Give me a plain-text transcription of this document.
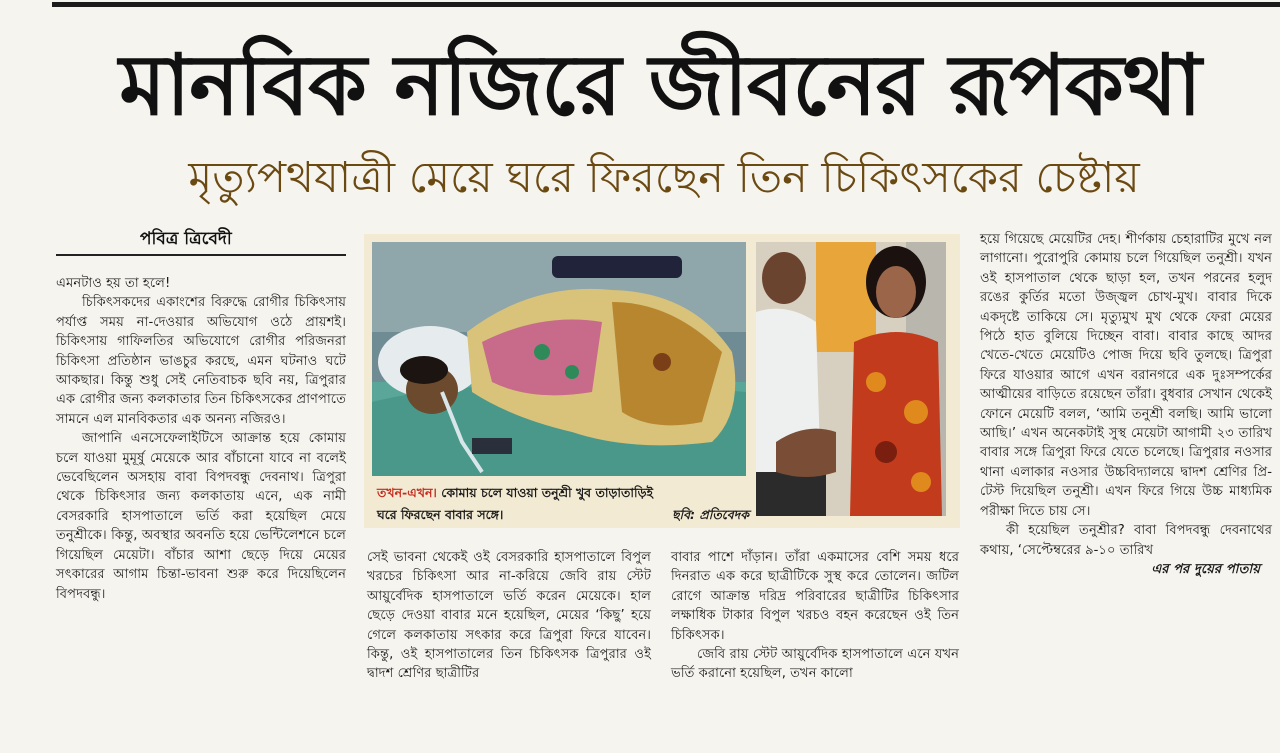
মানবিক নজিরে জীবনের রূপকথা
মৃত্যুপথযাত্রী মেয়ে ঘরে ফিরছেন তিন চিকিৎসকের চেষ্টায়
পবিত্র ত্রিবেদী

এমনটাও হয় তা হলে!

চিকিৎসকদের একাংশের বিরুদ্ধে রোগীর চিকিৎসায় পর্যাপ্ত সময় না-দেওয়ার অভিযোগ ওঠে প্রায়শই। চিকিৎসায় গাফিলতির অভিযোগে রোগীর পরিজনরা চিকিৎসা প্রতিষ্ঠান ভাঙচুর করছে, এমন ঘটনাও ঘটে আকছার। কিন্তু শুধু সেই নেতিবাচক ছবি নয়, ত্রিপুরার এক রোগীর জন্য কলকাতার তিন চিকিৎসকের প্রাণপাতে সামনে এল মানবিকতার এক অনন্য নজিরও।

জাপানি এনসেফেলাইটিসে আক্রান্ত হয়ে কোমায় চলে যাওয়া মুমূর্ষু মেয়েকে আর বাঁচানো যাবে না বলেই ভেবেছিলেন অসহায় বাবা বিপদবন্ধু দেবনাথ। ত্রিপুরা থেকে চিকিৎসার জন্য কলকাতায় এনে, এক নামী বেসরকারি হাসপাতালে ভর্তি করা হয়েছিল মেয়ে তনুশ্রীকে। কিন্তু, অবস্থার অবনতি হয়ে ভেন্টিলেশনে চলে গিয়েছিল মেয়েটা। বাঁচার আশা ছেড়ে দিয়ে মেয়ের সৎকারের আগাম চিন্তা-ভাবনা শুরু করে দিয়েছিলেন বিপদবন্ধু।

তখন-এখন। কোমায় চলে যাওয়া তনুশ্রী খুব তাড়াতাড়িই
ঘরে ফিরছেন বাবার সঙ্গে।	ছবি: প্রতিবেদক

সেই ভাবনা থেকেই ওই বেসরকারি হাসপাতালে বিপুল খরচের চিকিৎসা আর না-করিয়ে জেবি রায় স্টেট আয়ুর্বেদিক হাসপাতালে ভর্তি করেন মেয়েকে। হাল ছেড়ে দেওয়া বাবার মনে হয়েছিল, মেয়ের ‘কিছু’ হয়ে গেলে কলকাতায় সৎকার করে ত্রিপুরা ফিরে যাবেন। কিন্তু, ওই হাসপাতালের তিন চিকিৎসক ত্রিপুরার ওই দ্বাদশ শ্রেণির ছাত্রীটির

বাবার পাশে দাঁড়ান। তাঁরা একমাসের বেশি সময় ধরে দিনরাত এক করে ছাত্রীটিকে সুস্থ করে তোলেন। জটিল রোগে আক্রান্ত দরিদ্র পরিবারের ছাত্রীটির চিকিৎসার লক্ষাধিক টাকার বিপুল খরচও বহন করেছেন ওই তিন চিকিৎসক।

জেবি রায় স্টেট আয়ুর্বেদিক হাসপাতালে এনে যখন ভর্তি করানো হয়েছিল, তখন কালো

হয়ে গিয়েছে মেয়েটির দেহ। শীর্ণকায় চেহারাটির মুখে নল লাগানো। পুরোপুরি কোমায় চলে গিয়েছিল তনুশ্রী। যখন ওই হাসপাতাল থেকে ছাড়া হল, তখন পরনের হলুদ রঙের কুর্তির মতো উজ্জ্বল চোখ-মুখ। বাবার দিকে একদৃষ্টে তাকিয়ে সে। মৃত্যুমুখ মুখ থেকে ফেরা মেয়ের পিঠে হাত বুলিয়ে দিচ্ছেন বাবা। বাবার কাছে আদর খেতে-খেতে মেয়েটিও পোজ দিয়ে ছবি তুলছে। ত্রিপুরা ফিরে যাওয়ার আগে এখন বরানগরে এক দুঃসম্পর্কের আত্মীয়ের বাড়িতে রয়েছেন তাঁরা। বুধবার সেখান থেকেই ফোনে মেয়েটি বলল, ‘আমি তনুশ্রী বলছি। আমি ভালো আছি।’ এখন অনেকটাই সুস্থ মেয়েটা আগামী ২৩ তারিখ বাবার সঙ্গে ত্রিপুরা ফিরে যেতে চলেছে। ত্রিপুরার নওসার থানা এলাকার নওসার উচ্চবিদ্যালয়ে দ্বাদশ শ্রেণির প্রি-টেস্ট দিয়েছিল তনুশ্রী। এখন ফিরে গিয়ে উচ্চ মাধ্যমিক পরীক্ষা দিতে চায় সে।

কী হয়েছিল তনুশ্রীর? বাবা বিপদবন্ধু দেবনাথের কথায়, ‘সেপ্টেম্বরের ৯-১০ তারিখ

এর পর দুয়ের পাতায়
